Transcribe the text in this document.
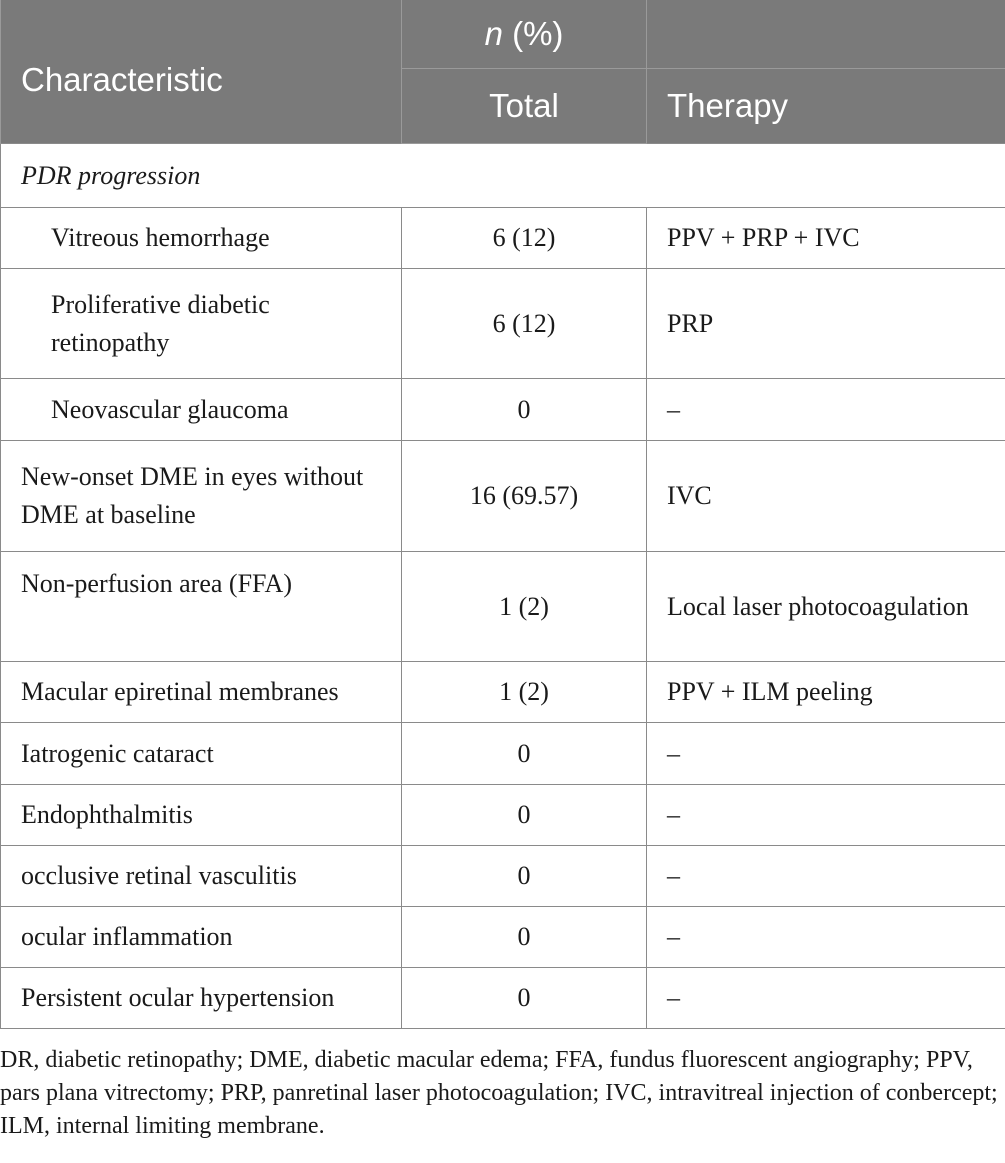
Characteristic	n (%)	
	Total	Therapy
PDR progression		
Vitreous hemorrhage	6 (12)	PPV + PRP + IVC
Proliferative diabetic retinopathy	6 (12)	PRP
Neovascular glaucoma	0	–
New-onset DME in eyes without DME at baseline	16 (69.57)	IVC
Non-perfusion area (FFA)	1 (2)	Local laser photocoagulation
Macular epiretinal membranes	1 (2)	PPV + ILM peeling
Iatrogenic cataract	0	–
Endophthalmitis	0	–
occlusive retinal vasculitis	0	–
ocular inflammation	0	–
Persistent ocular hypertension	0	–
DR, diabetic retinopathy; DME, diabetic macular edema; FFA, fundus fluorescent angiography; PPV, pars plana vitrectomy; PRP, panretinal laser photocoagulation; IVC, intravitreal injection of conbercept; ILM, internal limiting membrane.
